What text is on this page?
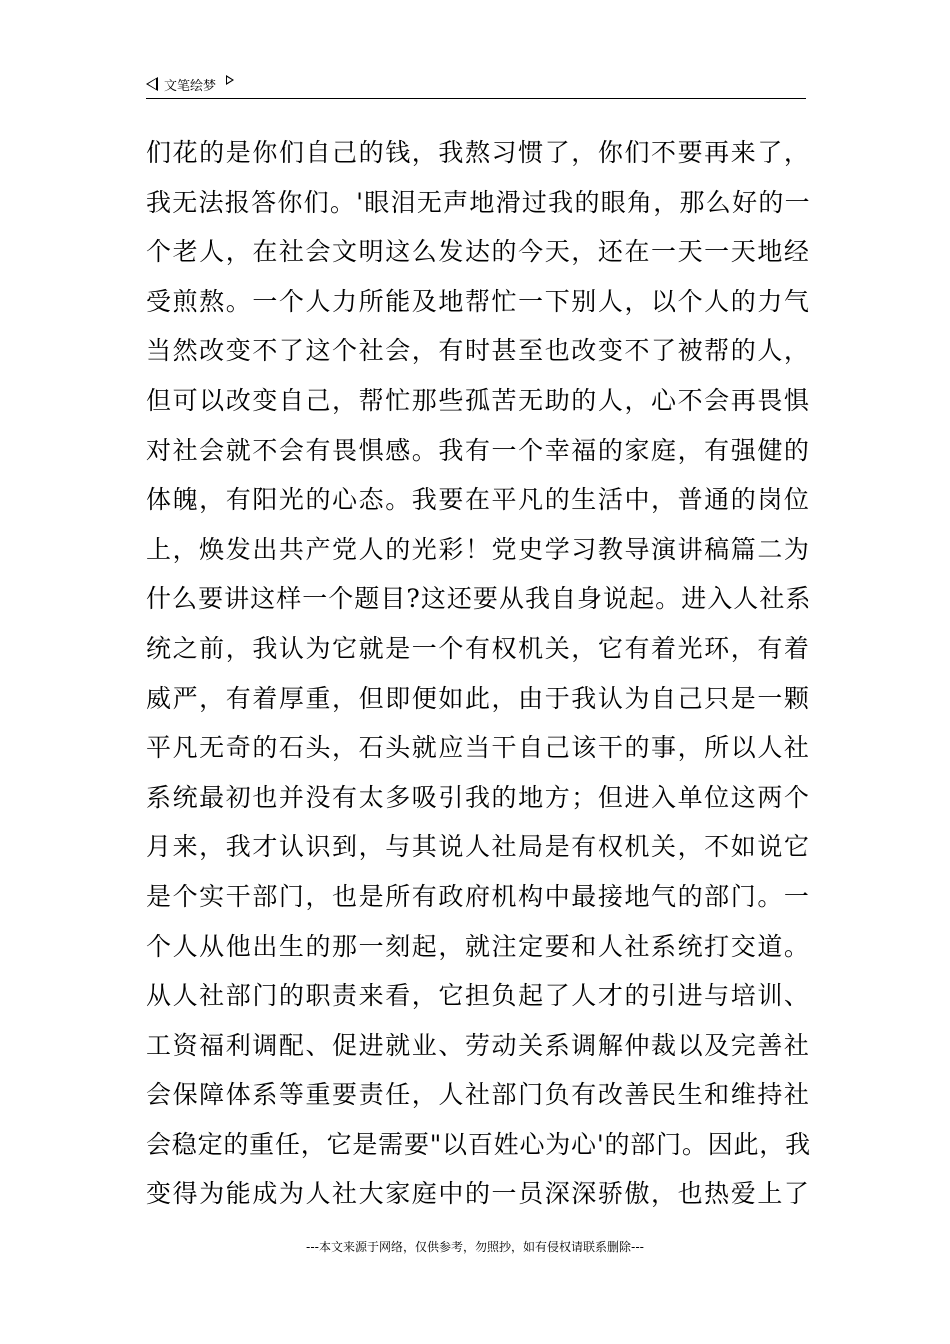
文笔绘梦
们花的是你们自己的钱，我熬习惯了，你们不要再来了，
我无法报答你们。'眼泪无声地滑过我的眼角，那么好的一
个老人，在社会文明这么发达的今天，还在一天一天地经
受煎熬。一个人力所能及地帮忙一下别人，以个人的力气
当然改变不了这个社会，有时甚至也改变不了被帮的人，
但可以改变自己，帮忙那些孤苦无助的人，心不会再畏惧
对社会就不会有畏惧感。我有一个幸福的家庭，有强健的
体魄，有阳光的心态。我要在平凡的生活中，普通的岗位
上，焕发出共产党人的光彩！党史学习教导演讲稿篇二为
什么要讲这样一个题目?这还要从我自身说起。进入人社系
统之前，我认为它就是一个有权机关，它有着光环，有着
威严，有着厚重，但即便如此，由于我认为自己只是一颗
平凡无奇的石头，石头就应当干自己该干的事，所以人社
系统最初也并没有太多吸引我的地方；但进入单位这两个
月来，我才认识到，与其说人社局是有权机关，不如说它
是个实干部门，也是所有政府机构中最接地气的部门。一
个人从他出生的那一刻起，就注定要和人社系统打交道。
从人社部门的职责来看，它担负起了人才的引进与培训、
工资福利调配、促进就业、劳动关系调解仲裁以及完善社
会保障体系等重要责任，人社部门负有改善民生和维持社
会稳定的重任，它是需要"以百姓心为心'的部门。因此，我
变得为能成为人社大家庭中的一员深深骄傲，也热爱上了
---本文来源于网络，仅供参考，勿照抄，如有侵权请联系删除---
